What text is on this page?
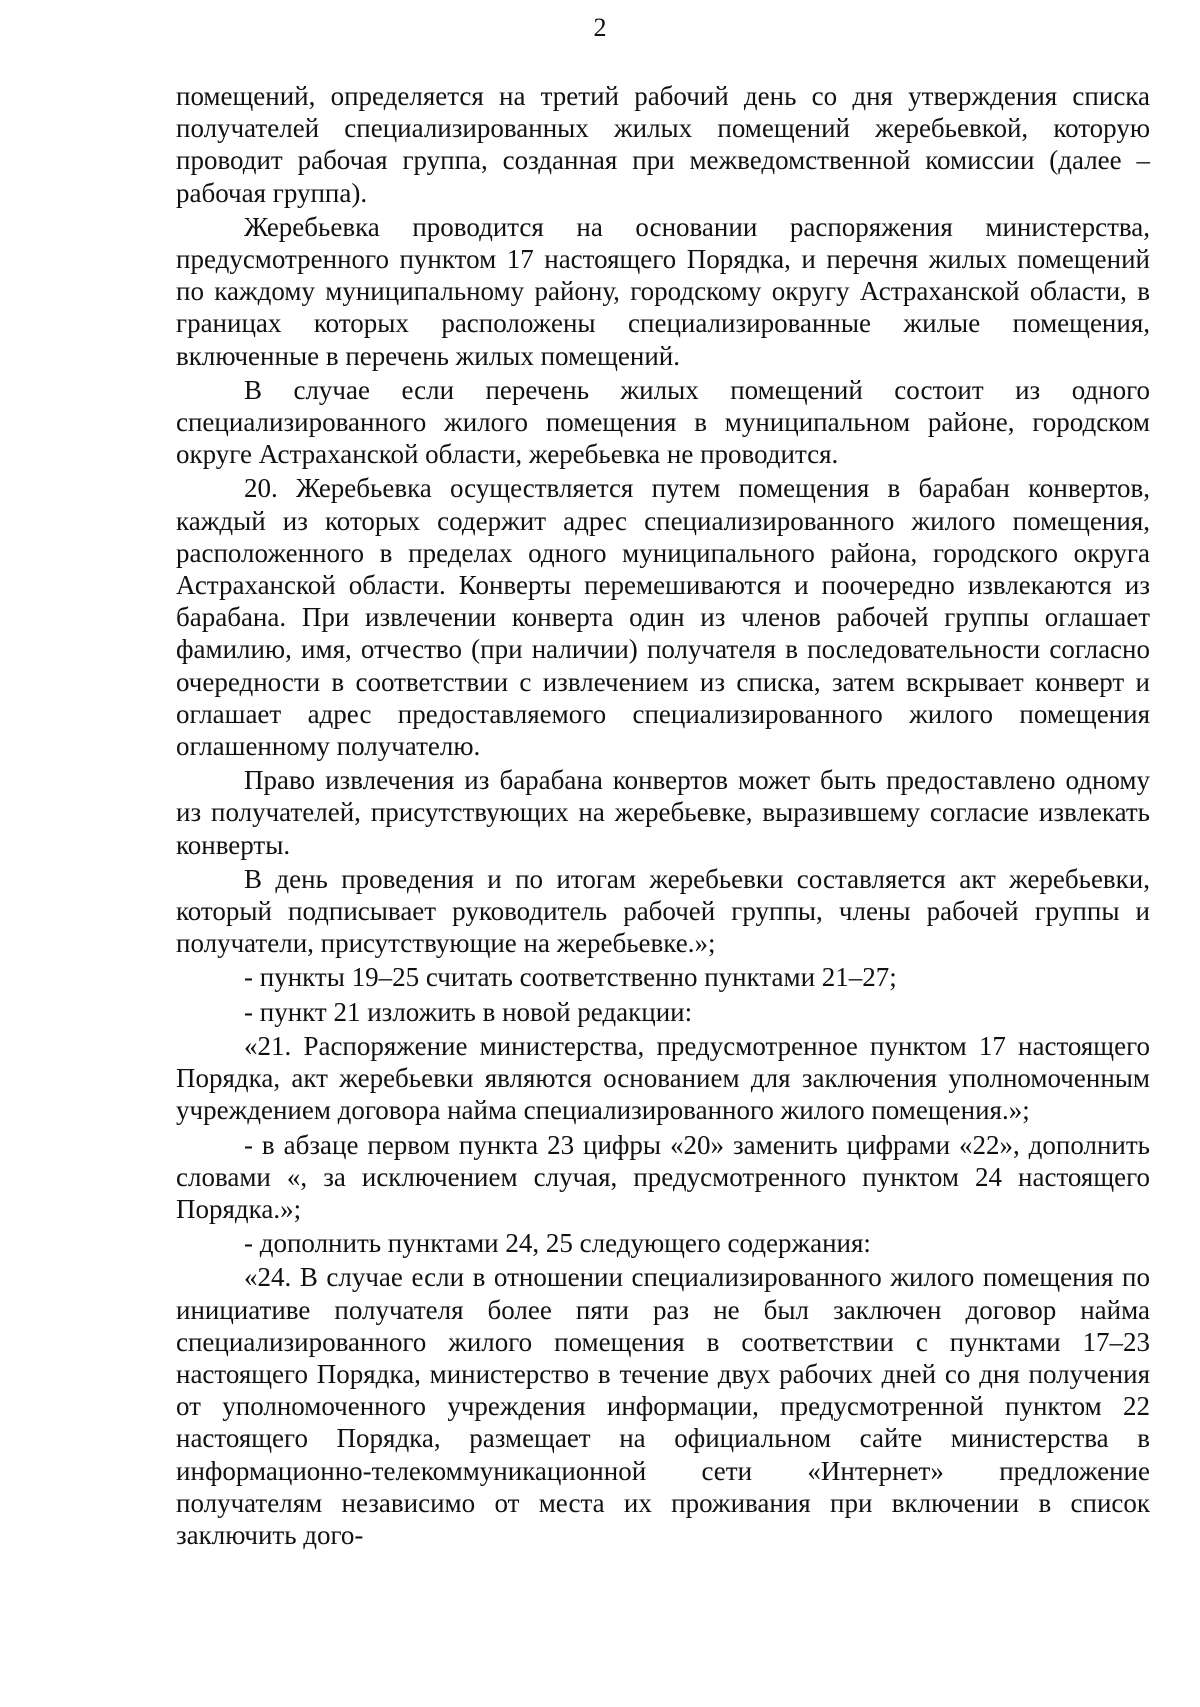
2

помещений, определяется на третий рабочий день со дня утверждения списка получателей специализированных жилых помещений жеребьевкой, которую проводит рабочая группа, созданная при межведомственной комиссии (далее – рабочая группа).

Жеребьевка проводится на основании распоряжения министерства, предусмотренного пунктом 17 настоящего Порядка, и перечня жилых помещений по каждому муниципальному району, городскому округу Астраханской области, в границах которых расположены специализированные жилые помещения, включенные в перечень жилых помещений.

В случае если перечень жилых помещений состоит из одного специализированного жилого помещения в муниципальном районе, городском округе Астраханской области, жеребьевка не проводится.

20. Жеребьевка осуществляется путем помещения в барабан конвертов, каждый из которых содержит адрес специализированного жилого помещения, расположенного в пределах одного муниципального района, городского округа Астраханской области. Конверты перемешиваются и поочередно извлекаются из барабана. При извлечении конверта один из членов рабочей группы оглашает фамилию, имя, отчество (при наличии) получателя в последовательности согласно очередности в соответствии с извлечением из списка, затем вскрывает конверт и оглашает адрес предоставляемого специализированного жилого помещения оглашенному получателю.

Право извлечения из барабана конвертов может быть предоставлено одному из получателей, присутствующих на жеребьевке, выразившему согласие извлекать конверты.

В день проведения и по итогам жеребьевки составляется акт жеребьевки, который подписывает руководитель рабочей группы, члены рабочей группы и получатели, присутствующие на жеребьевке.»;

- пункты 19–25 считать соответственно пунктами 21–27;

- пункт 21 изложить в новой редакции:

«21. Распоряжение министерства, предусмотренное пунктом 17 настоящего Порядка, акт жеребьевки являются основанием для заключения уполномоченным учреждением договора найма специализированного жилого помещения.»;

- в абзаце первом пункта 23 цифры «20» заменить цифрами «22», дополнить словами «, за исключением случая, предусмотренного пунктом 24 настоящего Порядка.»;

- дополнить пунктами 24, 25 следующего содержания:

«24. В случае если в отношении специализированного жилого помещения по инициативе получателя более пяти раз не был заключен договор найма специализированного жилого помещения в соответствии с пунктами 17–23 настоящего Порядка, министерство в течение двух рабочих дней со дня получения от уполномоченного учреждения информации, предусмотренной пунктом 22 настоящего Порядка, размещает на официальном сайте министерства в информационно-телекоммуникационной сети «Интернет» предложение получателям независимо от места их проживания при включении в список заключить дого-
